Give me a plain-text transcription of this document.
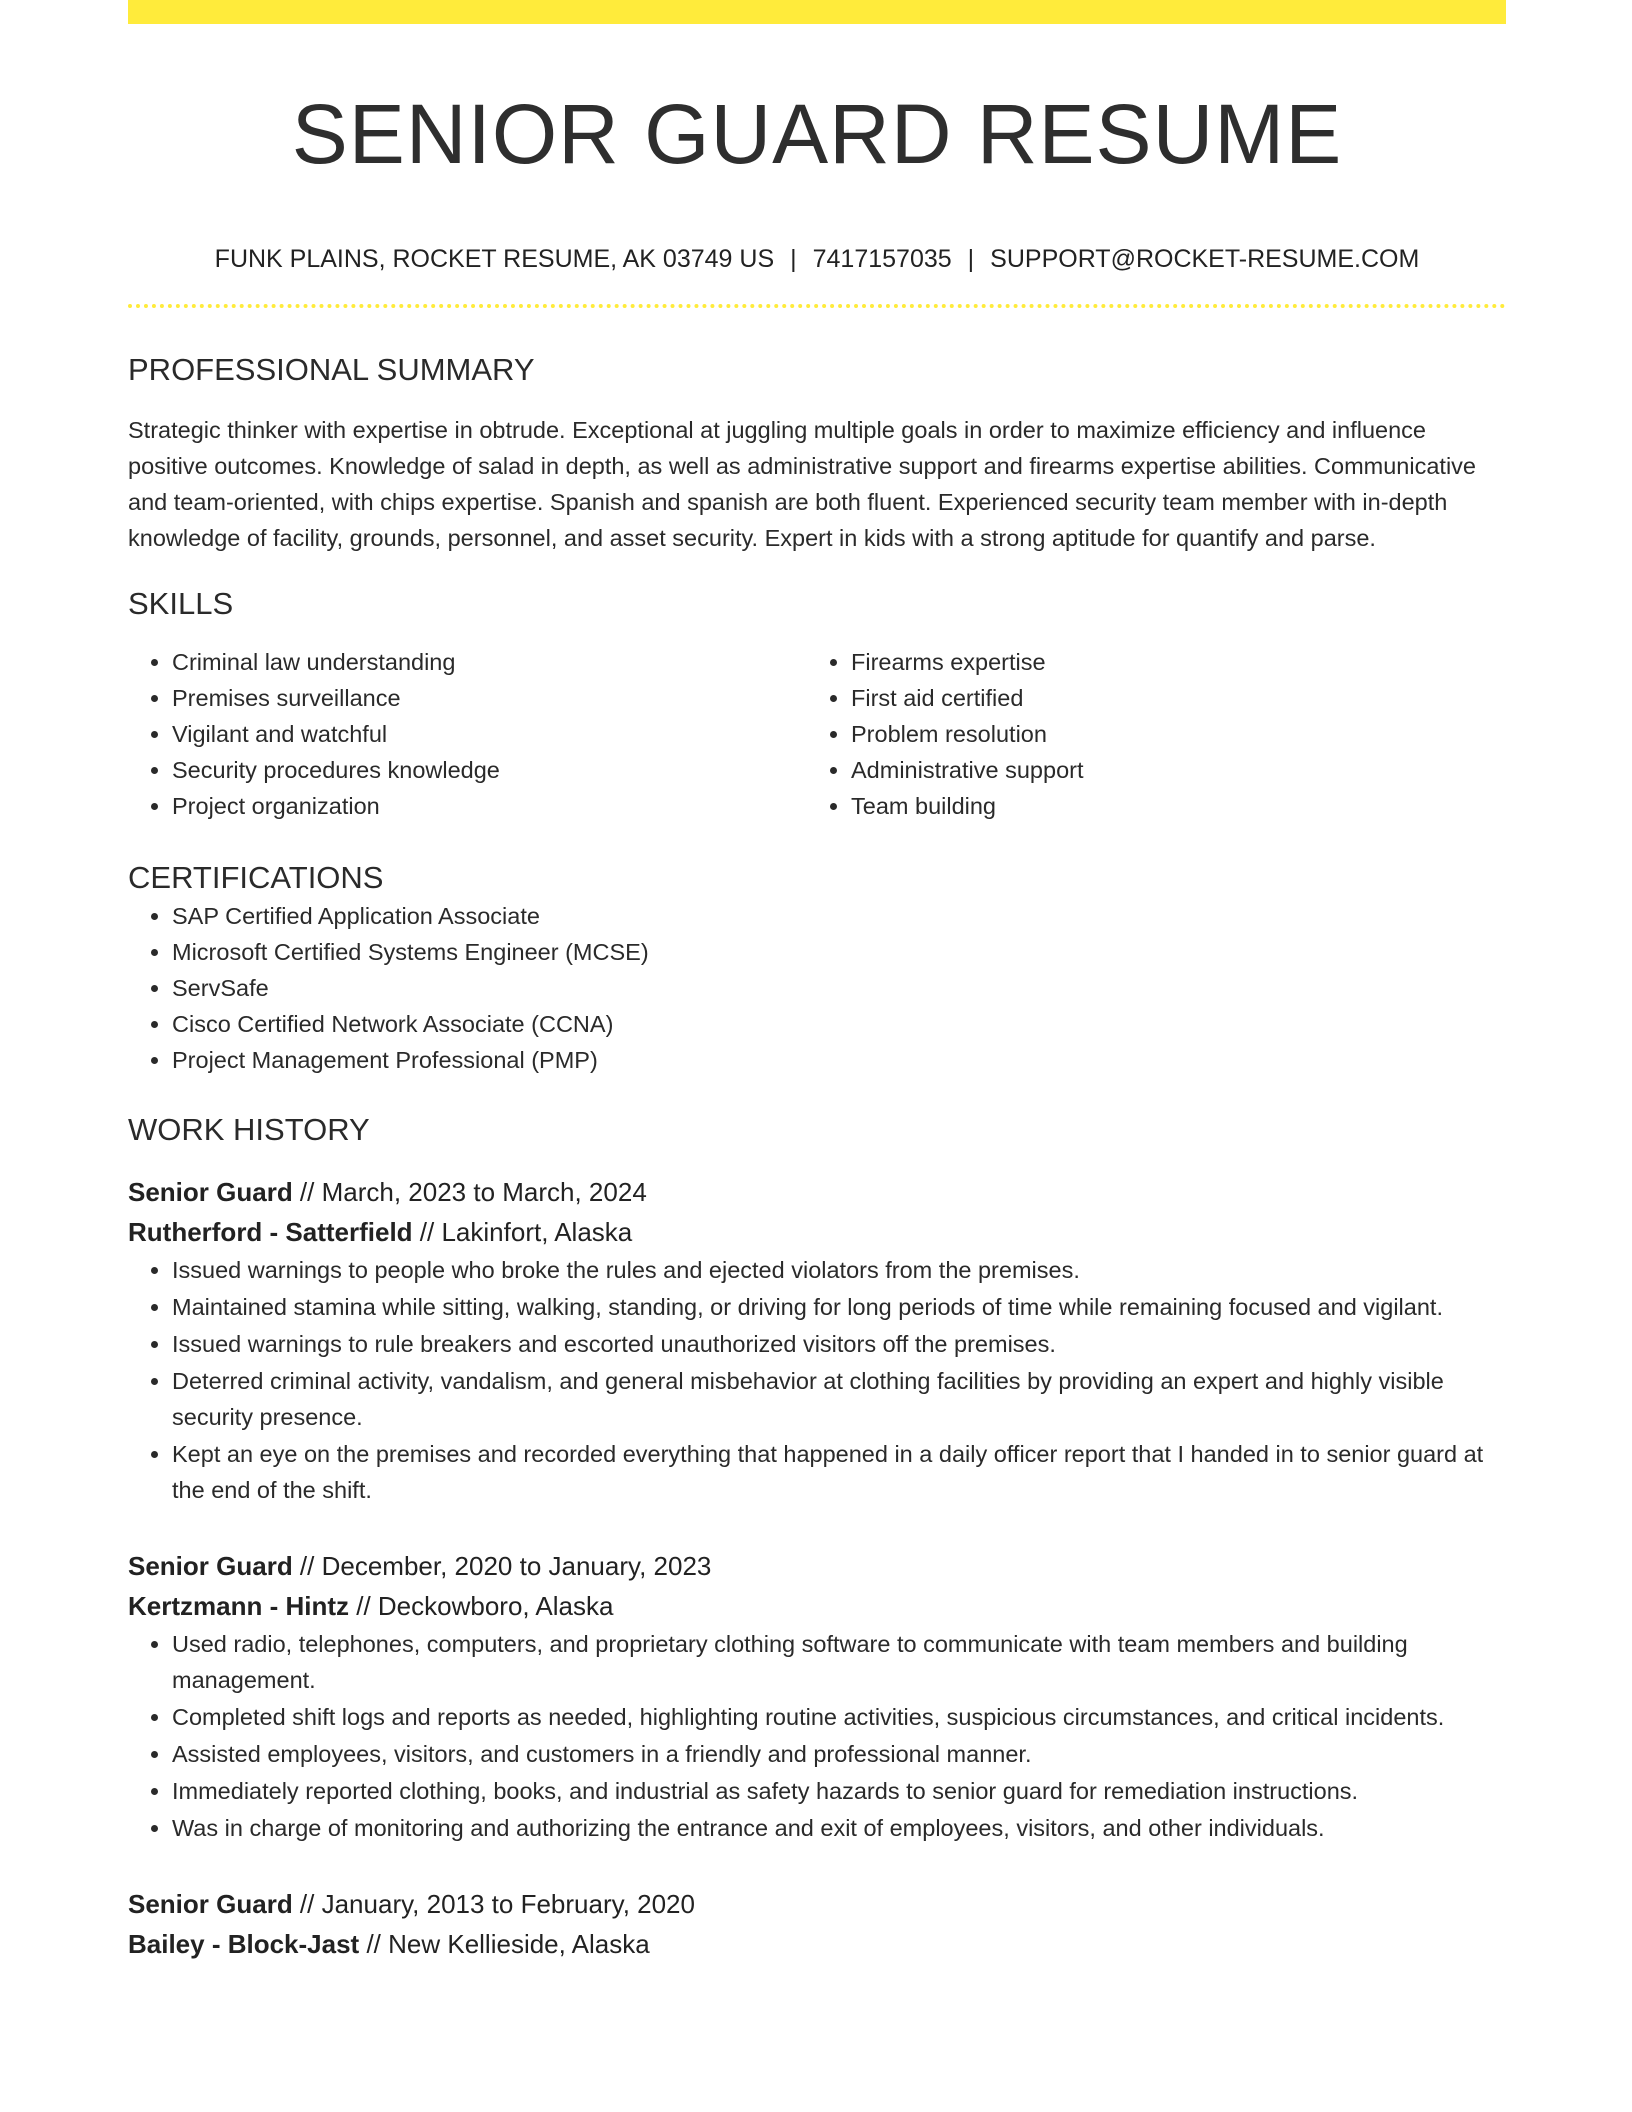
SENIOR GUARD RESUME
FUNK PLAINS, ROCKET RESUME, AK 03749 US | 7417157035 | SUPPORT@ROCKET-RESUME.COM
PROFESSIONAL SUMMARY

Strategic thinker with expertise in obtrude. Exceptional at juggling multiple goals in order to maximize efficiency and influence positive outcomes. Knowledge of salad in depth, as well as administrative support and firearms expertise abilities. Communicative and team-oriented, with chips expertise. Spanish and spanish are both fluent. Experienced security team member with in-depth knowledge of facility, grounds, personnel, and asset security. Expert in kids with a strong aptitude for quantify and parse.

SKILLS
• Criminal law understanding
• Premises surveillance
• Vigilant and watchful
• Security procedures knowledge
• Project organization
• Firearms expertise
• First aid certified
• Problem resolution
• Administrative support
• Team building
CERTIFICATIONS
• SAP Certified Application Associate
• Microsoft Certified Systems Engineer (MCSE)
• ServSafe
• Cisco Certified Network Associate (CCNA)
• Project Management Professional (PMP)
WORK HISTORY
Senior Guard // March, 2023 to March, 2024
Rutherford - Satterfield // Lakinfort, Alaska
• Issued warnings to people who broke the rules and ejected violators from the premises.
• Maintained stamina while sitting, walking, standing, or driving for long periods of time while remaining focused and vigilant.
• Issued warnings to rule breakers and escorted unauthorized visitors off the premises.
• Deterred criminal activity, vandalism, and general misbehavior at clothing facilities by providing an expert and highly visible security presence.
• Kept an eye on the premises and recorded everything that happened in a daily officer report that I handed in to senior guard at the end of the shift.
Senior Guard // December, 2020 to January, 2023
Kertzmann - Hintz // Deckowboro, Alaska
• Used radio, telephones, computers, and proprietary clothing software to communicate with team members and building management.
• Completed shift logs and reports as needed, highlighting routine activities, suspicious circumstances, and critical incidents.
• Assisted employees, visitors, and customers in a friendly and professional manner.
• Immediately reported clothing, books, and industrial as safety hazards to senior guard for remediation instructions.
• Was in charge of monitoring and authorizing the entrance and exit of employees, visitors, and other individuals.
Senior Guard // January, 2013 to February, 2020
Bailey - Block-Jast // New Kellieside, Alaska
